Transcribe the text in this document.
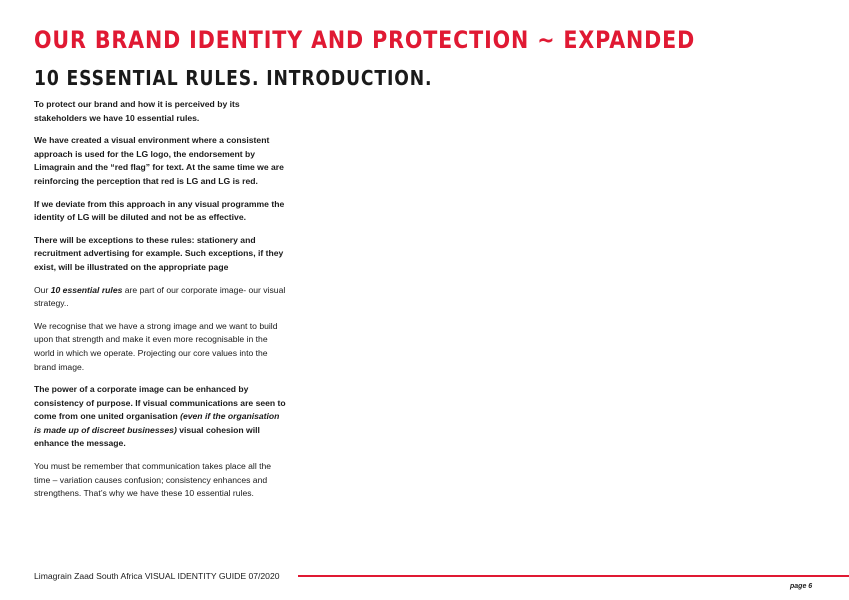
OUR BRAND IDENTITY AND PROTECTION ~ EXPANDED
10 ESSENTIAL RULES. INTRODUCTION.

To protect our brand and how it is perceived by its stakeholders we have 10 essential rules.

We have created a visual environment where a consistent approach is used for the LG logo, the endorsement by Limagrain and the “red flag” for text. At the same time we are reinforcing the perception that red is LG and LG is red.

If we deviate from this approach in any visual programme the identity of LG will be diluted and not be as effective.

There will be exceptions to these rules: stationery and recruitment advertising for example. Such exceptions, if they exist, will be illustrated on the appropriate page

Our 10 essential rules are part of our corporate image- our visual strategy..

We recognise that we have a strong image and we want to build upon that strength and make it even more recognisable in the world in which we operate. Projecting our core values into the brand image.

The power of a corporate image can be enhanced by consistency of purpose. If visual communications are seen to come from one united organisation (even if the organisation is made up of discreet businesses) visual cohesion will enhance the message.

You must be remember that communication takes place all the time – variation causes confusion; consistency enhances and strengthens. That’s why we have these 10 essential rules.

Limagrain Zaad South Africa VISUAL IDENTITY GUIDE 07/2020
page 6
